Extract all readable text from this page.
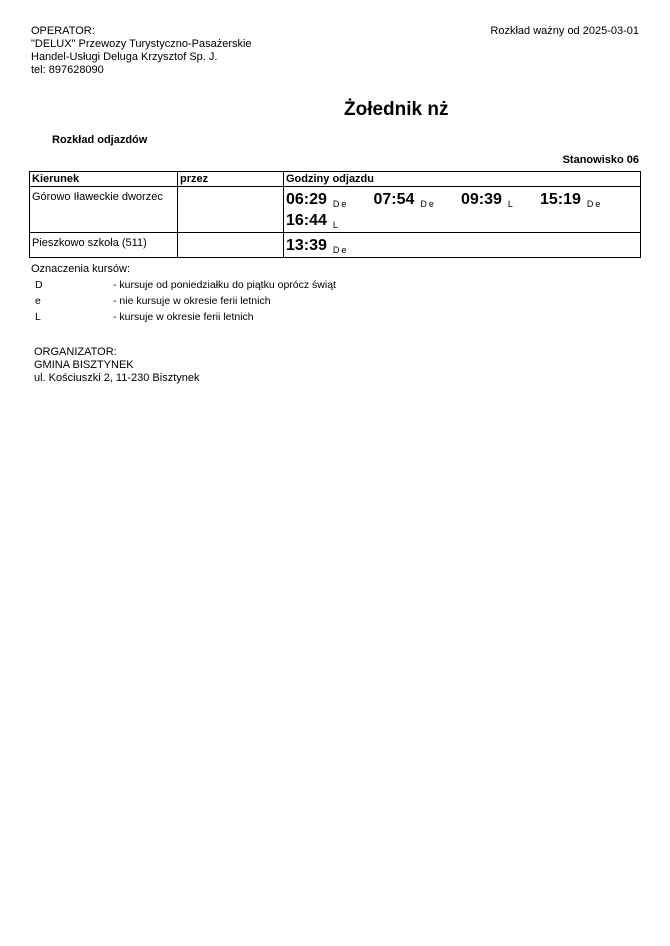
OPERATOR:
"DELUX" Przewozy Turystyczno-Pasażerskie
Handel-Usługi Deluga Krzysztof Sp. J.
tel: 897628090
Rozkład ważny od 2025-03-01
Żołednik nż
Rozkład odjazdów
Stanowisko 06
Kierunek	przez	Godziny odjazdu
Górowo Iławeckie dworzec		06:29 $_{De}$ 07:54 $_{De}$ 09:39 $_L$ 15:19 $_{De}$
16:44 $_L$

Pieszkowo szkoła (511)		13:39 $_{De}$
Oznaczenia kursów:
D	- kursuje od poniedziałku do piątku oprócz świąt
e	- nie kursuje w okresie ferii letnich
L	- kursuje w okresie ferii letnich
ORGANIZATOR:
GMINA BISZTYNEK
ul. Kościuszki 2, 11-230 Bisztynek
